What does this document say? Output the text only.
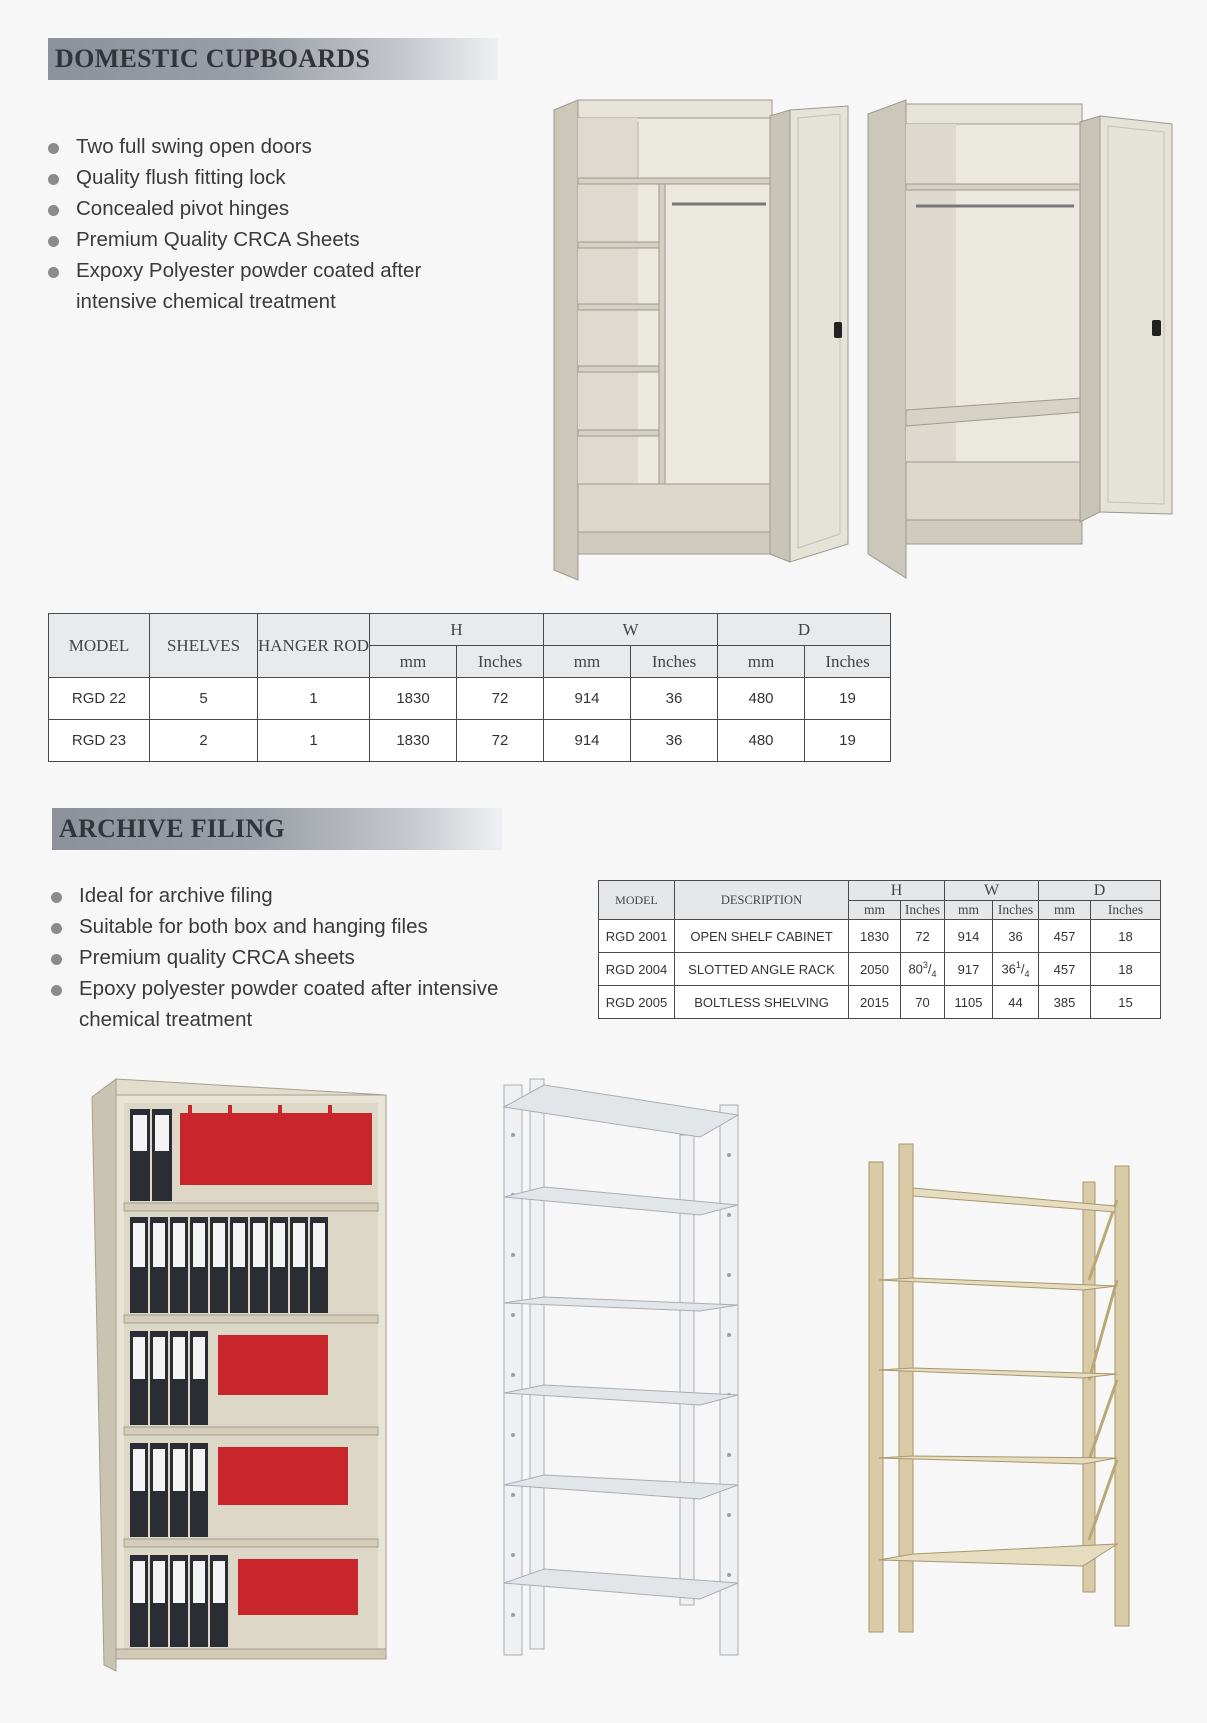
DOMESTIC CUPBOARDS
Two full swing open doors
Quality flush fitting lock
Concealed pivot hinges
Premium Quality CRCA Sheets
Expoxy Polyester powder coated after intensive chemical treatment
MODEL	SHELVES	HANGER ROD	H		W		D	
			mm	Inches	mm	Inches	mm	Inches
RGD 22	5	1	1830	72	914	36	480	19
RGD 23	2	1	1830	72	914	36	480	19
ARCHIVE FILING
Ideal for archive filing
Suitable for both box and hanging files
Premium quality CRCA sheets
Epoxy polyester powder coated after intensive chemical treatment
MODEL	DESCRIPTION	H		W		D	
		mm	Inches	mm	Inches	mm	Inches
RGD 2001	OPEN SHELF CABINET	1830	72	914	36	457	18
RGD 2004	SLOTTED ANGLE RACK	2050	$80^3/_4$	917	$36^1/_4$	457	18
RGD 2005	BOLTLESS SHELVING	2015	70	1105	44	385	15
